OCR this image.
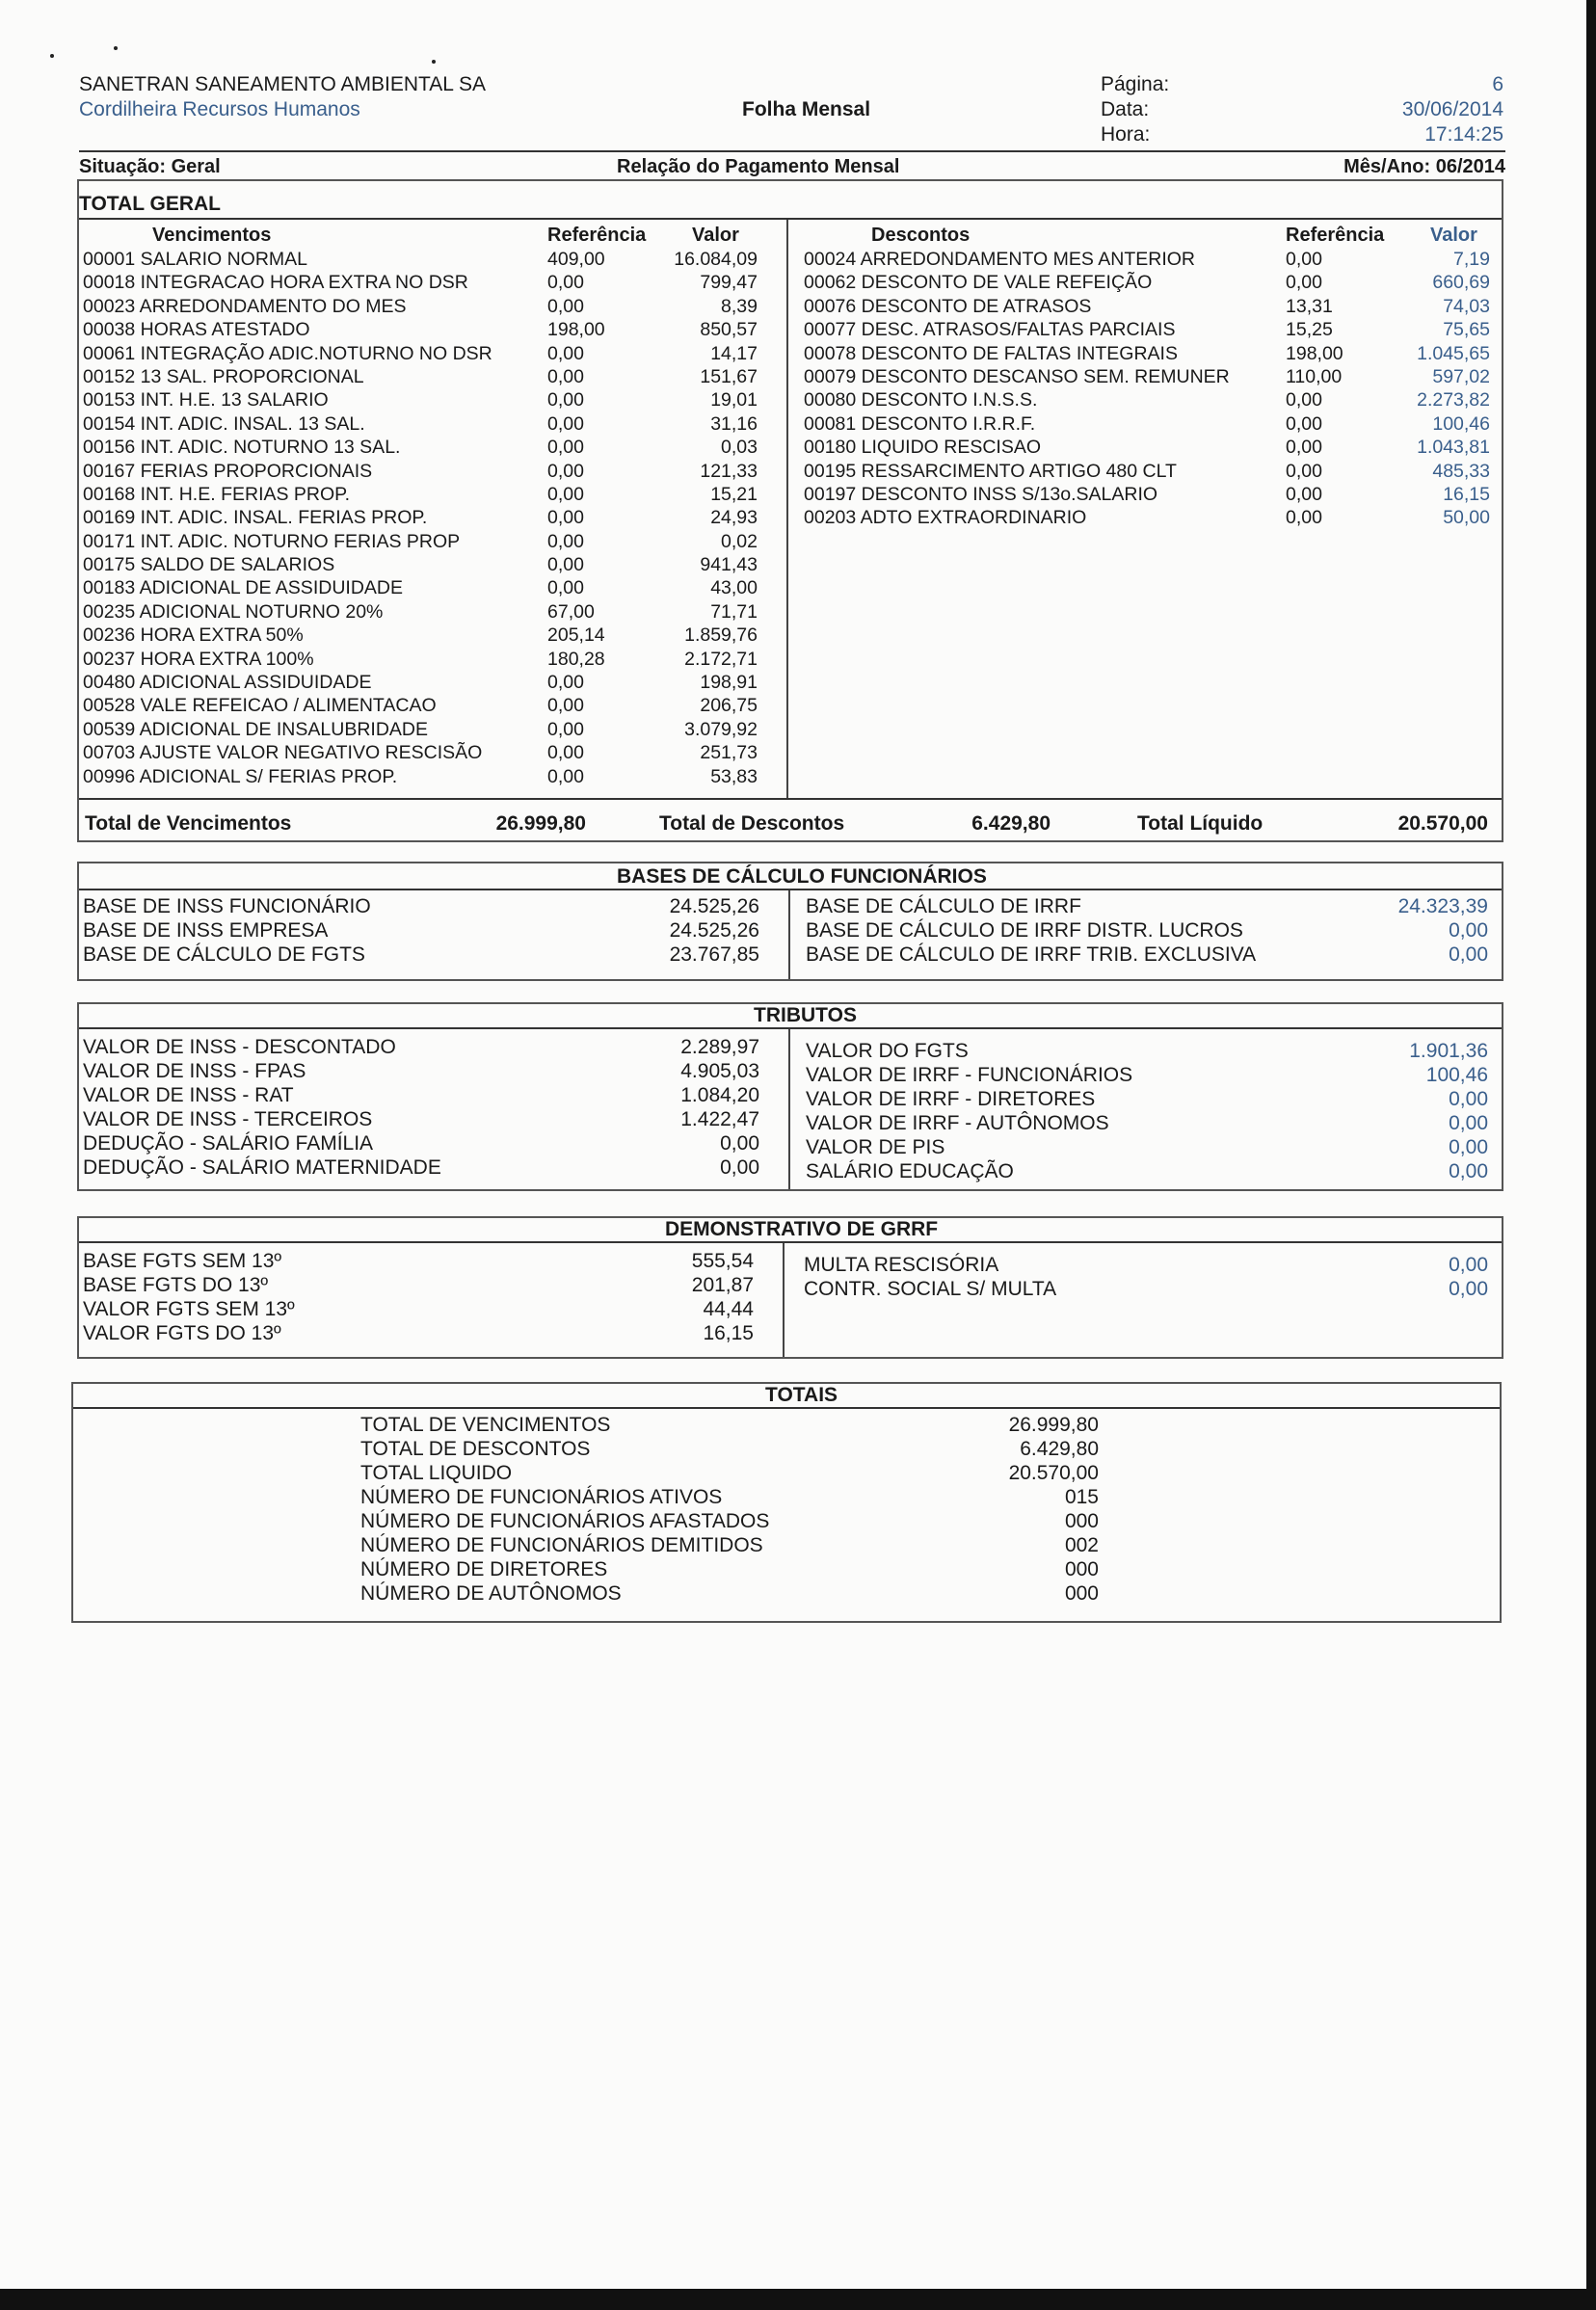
SANETRAN SANEAMENTO AMBIENTAL SA
Cordilheira Recursos Humanos	Folha Mensal
Página:	6
Data:	30/06/2014
Hora:	17:14:25
Situação: Geral	Relação do Pagamento Mensal	Mês/Ano: 06/2014
TOTAL GERAL
Vencimentos	Referência Valor
00001 SALARIO NORMAL	409,00	16.084,09
00018 INTEGRACAO HORA EXTRA NO DSR	0,00	799,47
00023 ARREDONDAMENTO DO MES	0,00	8,39
00038 HORAS ATESTADO	198,00	850,57
00061 INTEGRAÇÃO ADIC.NOTURNO NO DSR	0,00	14,17
00152 13 SAL. PROPORCIONAL	0,00	151,67
00153 INT. H.E. 13 SALARIO	0,00	19,01
00154 INT. ADIC. INSAL. 13 SAL.	0,00	31,16
00156 INT. ADIC. NOTURNO 13 SAL.	0,00	0,03
00167 FERIAS PROPORCIONAIS	0,00	121,33
00168 INT. H.E. FERIAS PROP.	0,00	15,21
00169 INT. ADIC. INSAL. FERIAS PROP.	0,00	24,93
00171 INT. ADIC. NOTURNO FERIAS PROP	0,00	0,02
00175 SALDO DE SALARIOS	0,00	941,43
00183 ADICIONAL DE ASSIDUIDADE	0,00	43,00
00235 ADICIONAL NOTURNO 20%	67,00	71,71
00236 HORA EXTRA 50%	205,14	1.859,76
00237 HORA EXTRA 100%	180,28	2.172,71
00480 ADICIONAL ASSIDUIDADE	0,00	198,91
00528 VALE REFEICAO / ALIMENTACAO	0,00	206,75
00539 ADICIONAL DE INSALUBRIDADE	0,00	3.079,92
00703 AJUSTE VALOR NEGATIVO RESCISÃO	0,00	251,73
00996 ADICIONAL S/ FERIAS PROP.	0,00	53,83
Descontos	Referência Valor
00024 ARREDONDAMENTO MES ANTERIOR	0,00	7,19
00062 DESCONTO DE VALE REFEIÇÃO	0,00	660,69
00076 DESCONTO DE ATRASOS	13,31	74,03
00077 DESC. ATRASOS/FALTAS PARCIAIS	15,25	75,65
00078 DESCONTO DE FALTAS INTEGRAIS	198,00	1.045,65
00079 DESCONTO DESCANSO SEM. REMUNER	110,00	597,02
00080 DESCONTO I.N.S.S.	0,00	2.273,82
00081 DESCONTO I.R.R.F.	0,00	100,46
00180 LIQUIDO RESCISAO	0,00	1.043,81
00195 RESSARCIMENTO ARTIGO 480 CLT	0,00	485,33
00197 DESCONTO INSS S/13o.SALARIO	0,00	16,15
00203 ADTO EXTRAORDINARIO	0,00	50,00
Total de Vencimentos	26.999,80	Total de Descontos	6.429,80	Total Líquido	20.570,00
BASES DE CÁLCULO FUNCIONÁRIOS
BASE DE INSS FUNCIONÁRIO	24.525,26
BASE DE INSS EMPRESA	24.525,26
BASE DE CÁLCULO DE FGTS	23.767,85
BASE DE CÁLCULO DE IRRF	24.323,39
BASE DE CÁLCULO DE IRRF DISTR. LUCROS	0,00
BASE DE CÁLCULO DE IRRF TRIB. EXCLUSIVA	0,00
TRIBUTOS
VALOR DE INSS - DESCONTADO	2.289,97
VALOR DE INSS - FPAS	4.905,03
VALOR DE INSS - RAT	1.084,20
VALOR DE INSS - TERCEIROS	1.422,47
DEDUÇÃO - SALÁRIO FAMÍLIA	0,00
DEDUÇÃO - SALÁRIO MATERNIDADE	0,00
VALOR DO FGTS	1.901,36
VALOR DE IRRF - FUNCIONÁRIOS	100,46
VALOR DE IRRF - DIRETORES	0,00
VALOR DE IRRF - AUTÔNOMOS	0,00
VALOR DE PIS	0,00
SALÁRIO EDUCAÇÃO	0,00
DEMONSTRATIVO DE GRRF
BASE FGTS SEM 13º	555,54
BASE FGTS DO 13º	201,87
VALOR FGTS SEM 13º	44,44
VALOR FGTS DO 13º	16,15
MULTA RESCISÓRIA	0,00
CONTR. SOCIAL S/ MULTA	0,00
TOTAIS
TOTAL DE VENCIMENTOS	26.999,80
TOTAL DE DESCONTOS	6.429,80
TOTAL LIQUIDO	20.570,00
NÚMERO DE FUNCIONÁRIOS ATIVOS	015
NÚMERO DE FUNCIONÁRIOS AFASTADOS	000
NÚMERO DE FUNCIONÁRIOS DEMITIDOS	002
NÚMERO DE DIRETORES	000
NÚMERO DE AUTÔNOMOS	000
